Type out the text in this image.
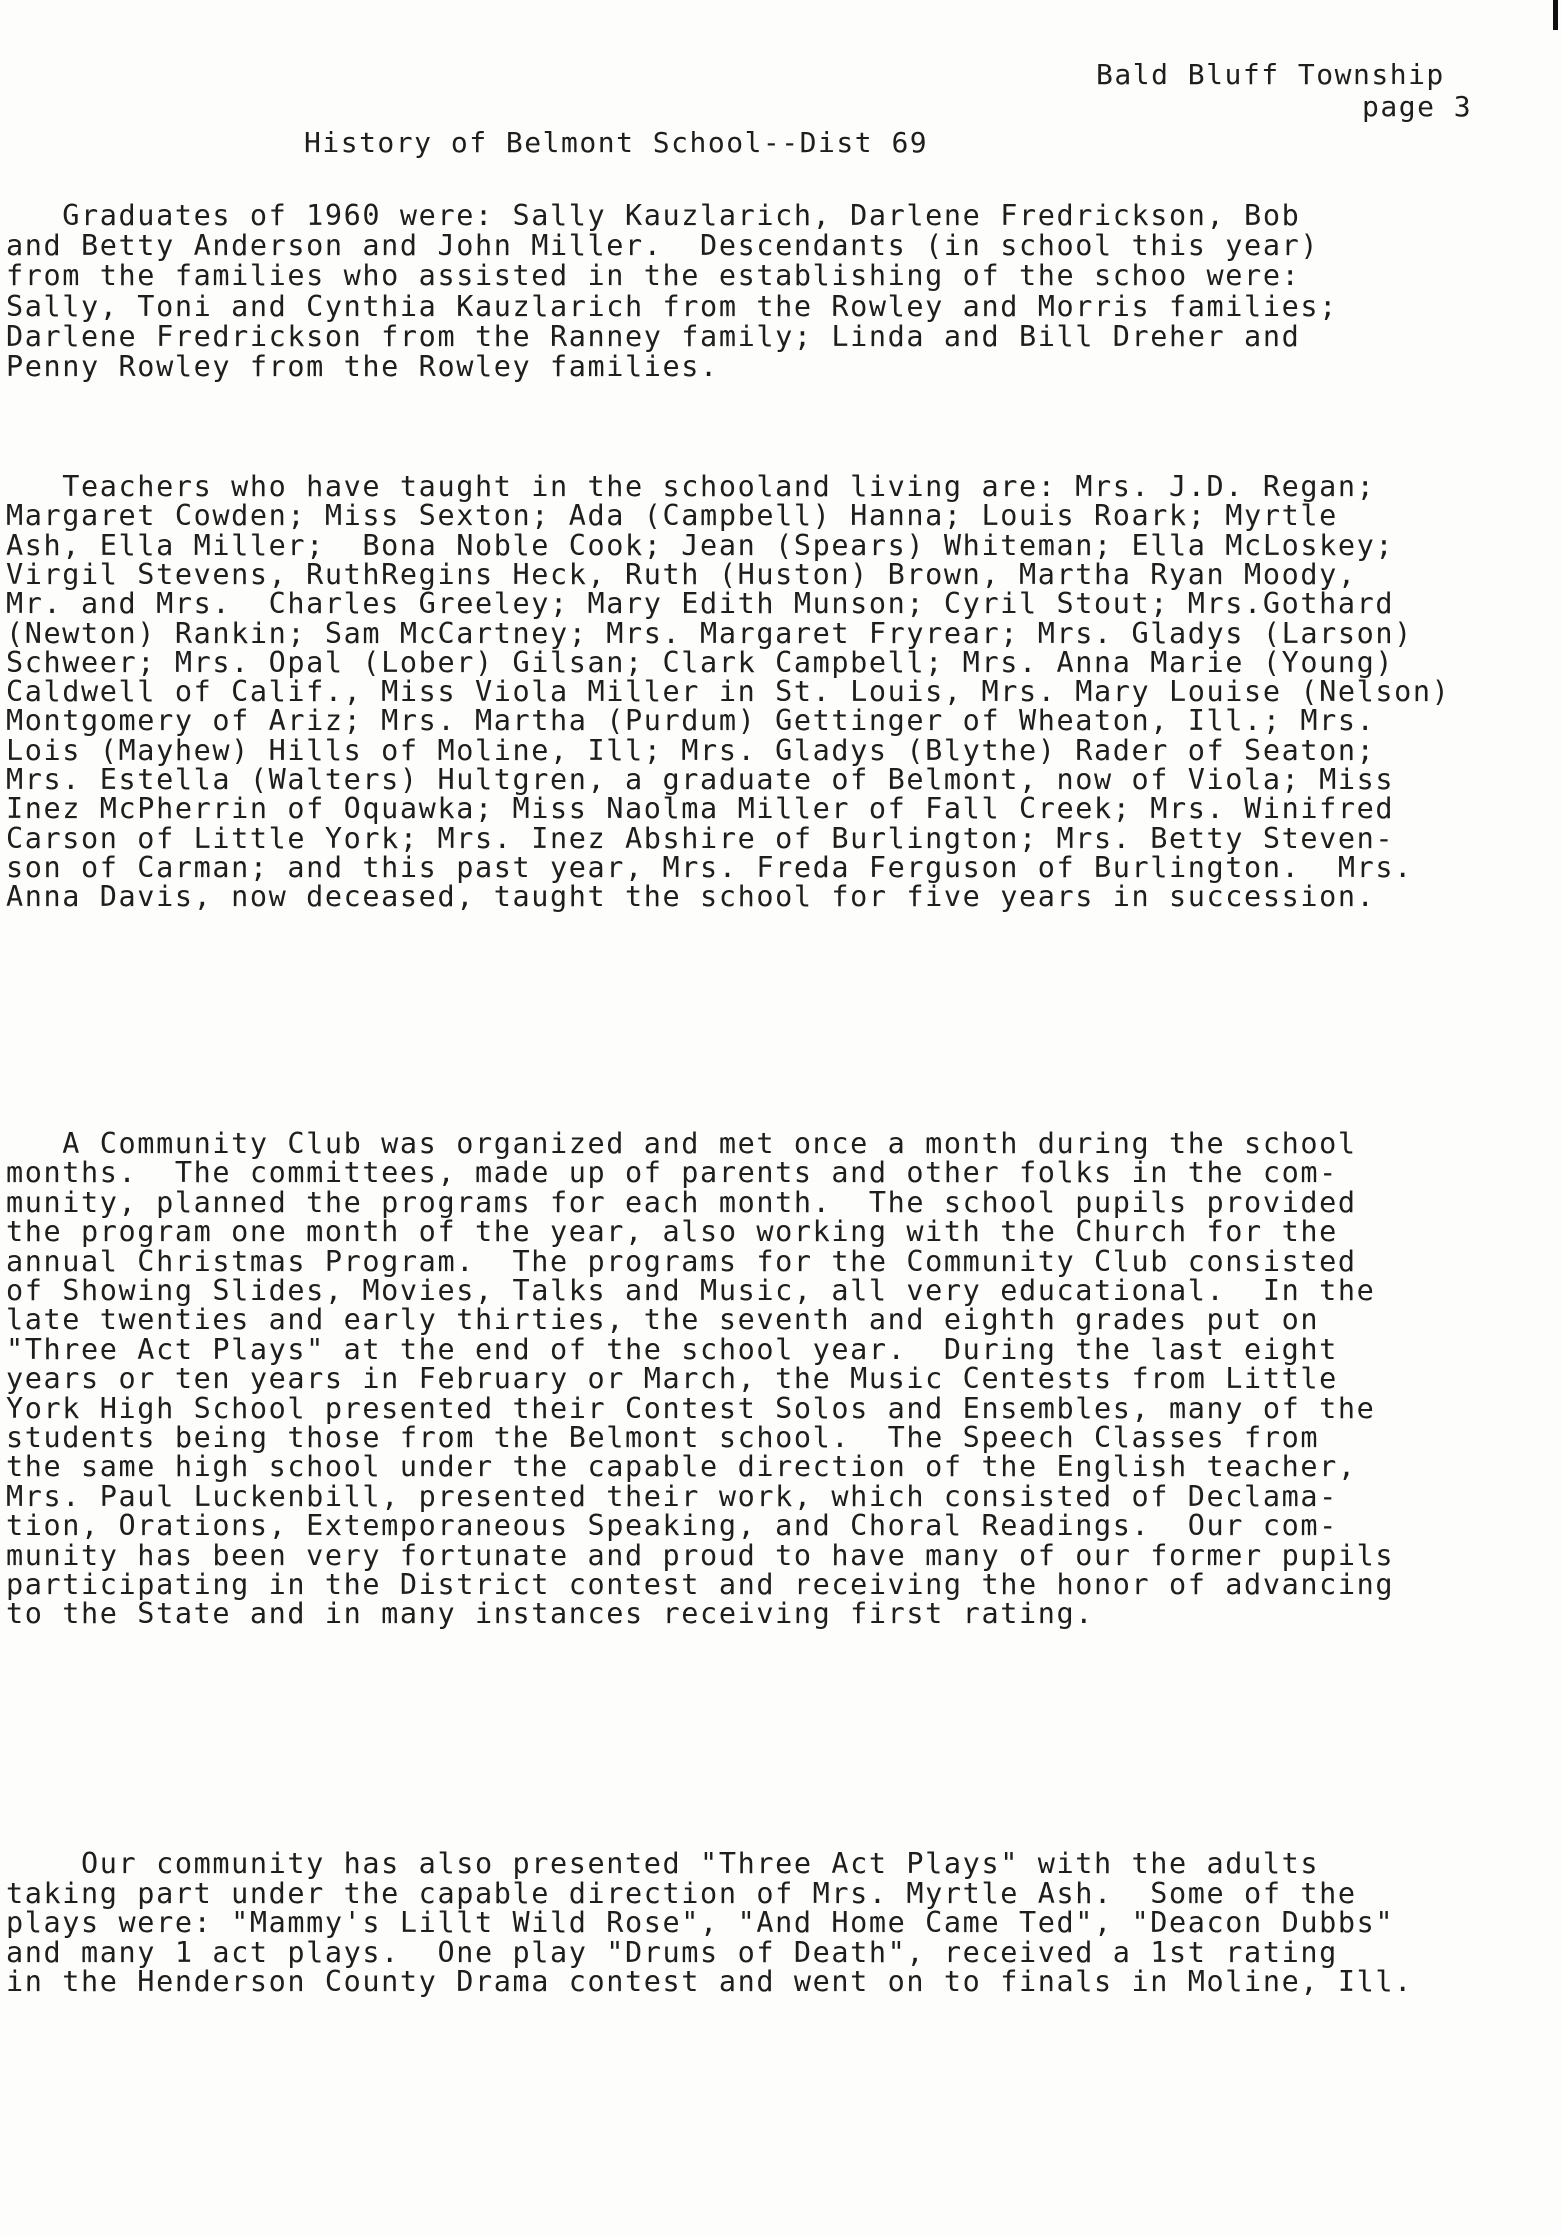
Bald Bluff Township
page 3
History of Belmont School--Dist 69
Graduates of 1960 were: Sally Kauzlarich, Darlene Fredrickson, Bob
and Betty Anderson and John Miller.  Descendants (in school this year)
from the families who assisted in the establishing of the schoo were:
Sally, Toni and Cynthia Kauzlarich from the Rowley and Morris families;
Darlene Fredrickson from the Ranney family; Linda and Bill Dreher and
Penny Rowley from the Rowley families.
Teachers who have taught in the schooland living are: Mrs. J.D. Regan;
Margaret Cowden; Miss Sexton; Ada (Campbell) Hanna; Louis Roark; Myrtle
Ash, Ella Miller;  Bona Noble Cook; Jean (Spears) Whiteman; Ella McLoskey;
Virgil Stevens, RuthRegins Heck, Ruth (Huston) Brown, Martha Ryan Moody,
Mr. and Mrs.  Charles Greeley; Mary Edith Munson; Cyril Stout; Mrs.Gothard
(Newton) Rankin; Sam McCartney; Mrs. Margaret Fryrear; Mrs. Gladys (Larson)
Schweer; Mrs. Opal (Lober) Gilsan; Clark Campbell; Mrs. Anna Marie (Young)
Caldwell of Calif., Miss Viola Miller in St. Louis, Mrs. Mary Louise (Nelson)
Montgomery of Ariz; Mrs. Martha (Purdum) Gettinger of Wheaton, Ill.; Mrs.
Lois (Mayhew) Hills of Moline, Ill; Mrs. Gladys (Blythe) Rader of Seaton;
Mrs. Estella (Walters) Hultgren, a graduate of Belmont, now of Viola; Miss
Inez McPherrin of Oquawka; Miss Naolma Miller of Fall Creek; Mrs. Winifred
Carson of Little York; Mrs. Inez Abshire of Burlington; Mrs. Betty Steven-
son of Carman; and this past year, Mrs. Freda Ferguson of Burlington.  Mrs.
Anna Davis, now deceased, taught the school for five years in succession.
A Community Club was organized and met once a month during the school
months.  The committees, made up of parents and other folks in the com-
munity, planned the programs for each month.  The school pupils provided
the program one month of the year, also working with the Church for the
annual Christmas Program.  The programs for the Community Club consisted
of Showing Slides, Movies, Talks and Music, all very educational.  In the
late twenties and early thirties, the seventh and eighth grades put on
"Three Act Plays" at the end of the school year.  During the last eight
years or ten years in February or March, the Music Centests from Little
York High School presented their Contest Solos and Ensembles, many of the
students being those from the Belmont school.  The Speech Classes from
the same high school under the capable direction of the English teacher,
Mrs. Paul Luckenbill, presented their work, which consisted of Declama-
tion, Orations, Extemporaneous Speaking, and Choral Readings.  Our com-
munity has been very fortunate and proud to have many of our former pupils
participating in the District contest and receiving the honor of advancing
to the State and in many instances receiving first rating.
Our community has also presented "Three Act Plays" with the adults
taking part under the capable direction of Mrs. Myrtle Ash.  Some of the
plays were: "Mammy's Lillt Wild Rose", "And Home Came Ted", "Deacon Dubbs"
and many 1 act plays.  One play "Drums of Death", received a 1st rating
in the Henderson County Drama contest and went on to finals in Moline, Ill.
